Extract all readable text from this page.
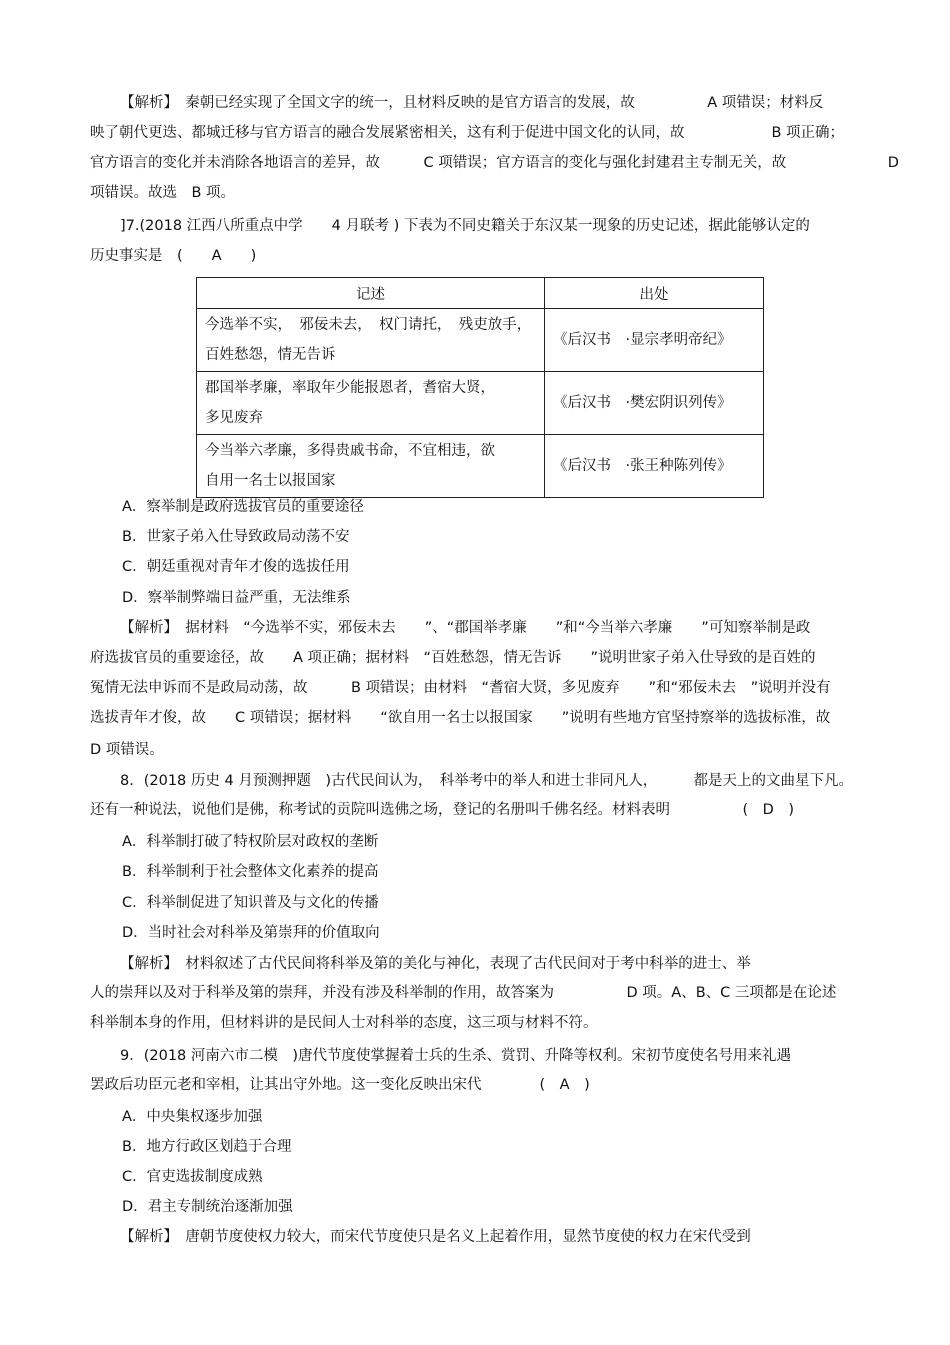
【解析】　秦朝已经实现了全国文字的统一，且材料反映的是官方语言的发展，故　　　　　A 项错误；材料反
映了朝代更迭、都城迁移与官方语言的融合发展紧密相关，这有利于促进中国文化的认同，故　　　　　　B 项正确；
官方语言的变化并未消除各地语言的差异，故　　　C 项错误；官方语言的变化与强化封建君主专制无关，故　　　　　　　D
项错误。故选　B 项。
]7.(2018 江西八所重点中学　　4 月联考 ) 下表为不同史籍关于东汉某一现象的历史记述，据此能够认定的
历史事实是　(　　A　　)
记述	出处

今选举不实，　邪佞未去，　权门请托，　残吏放手，
百姓愁怨，情无告诉	《后汉书　·显宗孝明帝纪》

郡国举孝廉，率取年少能报恩者，耆宿大贤，
多见废弃	《后汉书　·樊宏阴识列传》

今当举六孝廉，多得贵戚书命，不宜相违，欲
自用一名士以报国家	《后汉书　·张王种陈列传》
A．察举制是政府选拔官员的重要途径
B．世家子弟入仕导致政局动荡不安
C．朝廷重视对青年才俊的选拔任用
D．察举制弊端日益严重，无法维系
【解析】　据材料　“今选举不实，邪佞未去　　”、“郡国举孝廉　　”和“今当举六孝廉　　”可知察举制是政
府选拔官员的重要途径，故　　A 项正确；据材料　“百姓愁怨，情无告诉　　”说明世家子弟入仕导致的是百姓的
冤情无法申诉而不是政局动荡，故　　　B 项错误；由材料　“耆宿大贤，多见废弃　　”和“邪佞未去　”说明并没有
选拔青年才俊，故　　C 项错误；据材料　　“欲自用一名士以报国家　　”说明有些地方官坚持察举的选拔标准，故
D 项错误。
8．(2018 历史 4 月预测押题　)古代民间认为，　科举考中的举人和进士非同凡人，　　　都是天上的文曲星下凡。
还有一种说法，说他们是佛，称考试的贡院叫选佛之场，登记的名册叫千佛名经。材料表明　　　　　(　D　)
A．科举制打破了特权阶层对政权的垄断
B．科举制利于社会整体文化素养的提高
C．科举制促进了知识普及与文化的传播
D．当时社会对科举及第崇拜的价值取向
【解析】　材料叙述了古代民间将科举及第的美化与神化，表现了古代民间对于考中科举的进士、举
人的崇拜以及对于科举及第的崇拜，并没有涉及科举制的作用，故答案为　　　　　D 项。A、B、C 三项都是在论述
科举制本身的作用，但材料讲的是民间人士对科举的态度，这三项与材料不符。
9．(2018 河南六市二模　)唐代节度使掌握着士兵的生杀、赏罚、升降等权利。宋初节度使名号用来礼遇
罢政后功臣元老和宰相，让其出守外地。这一变化反映出宋代　　　　(　A　)
A．中央集权逐步加强
B．地方行政区划趋于合理
C．官吏选拔制度成熟
D．君主专制统治逐渐加强
【解析】　唐朝节度使权力较大，而宋代节度使只是名义上起着作用，显然节度使的权力在宋代受到
